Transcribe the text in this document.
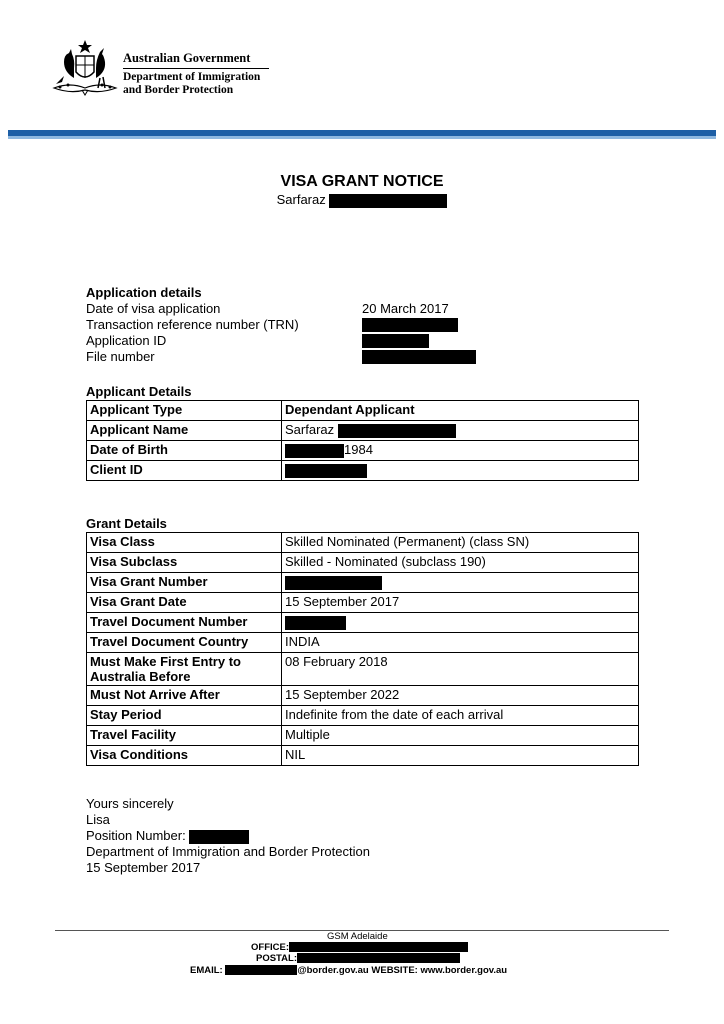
Australian Government
Department of Immigration
and Border Protection
VISA GRANT NOTICE
Sarfaraz
Application details
Date of visa application	20 March 2017
Transaction reference number (TRN)
Application ID
File number
Applicant Details
Applicant Type	Dependant Applicant
Applicant Name	Sarfaraz
Date of Birth	1984
Client ID	
Grant Details
Visa Class	Skilled Nominated (Permanent) (class SN)
Visa Subclass	Skilled - Nominated (subclass 190)
Visa Grant Number	
Visa Grant Date	15 September 2017
Travel Document Number	
Travel Document Country	INDIA
Must Make First Entry to Australia Before	08 February 2018
Must Not Arrive After	15 September 2022
Stay Period	Indefinite from the date of each arrival
Travel Facility	Multiple
Visa Conditions	NIL
Yours sincerely
Lisa
Position Number:
Department of Immigration and Border Protection
15 September 2017
GSM Adelaide
OFFICE:
POSTAL:
EMAIL:	@border.gov.au WEBSITE: www.border.gov.au
